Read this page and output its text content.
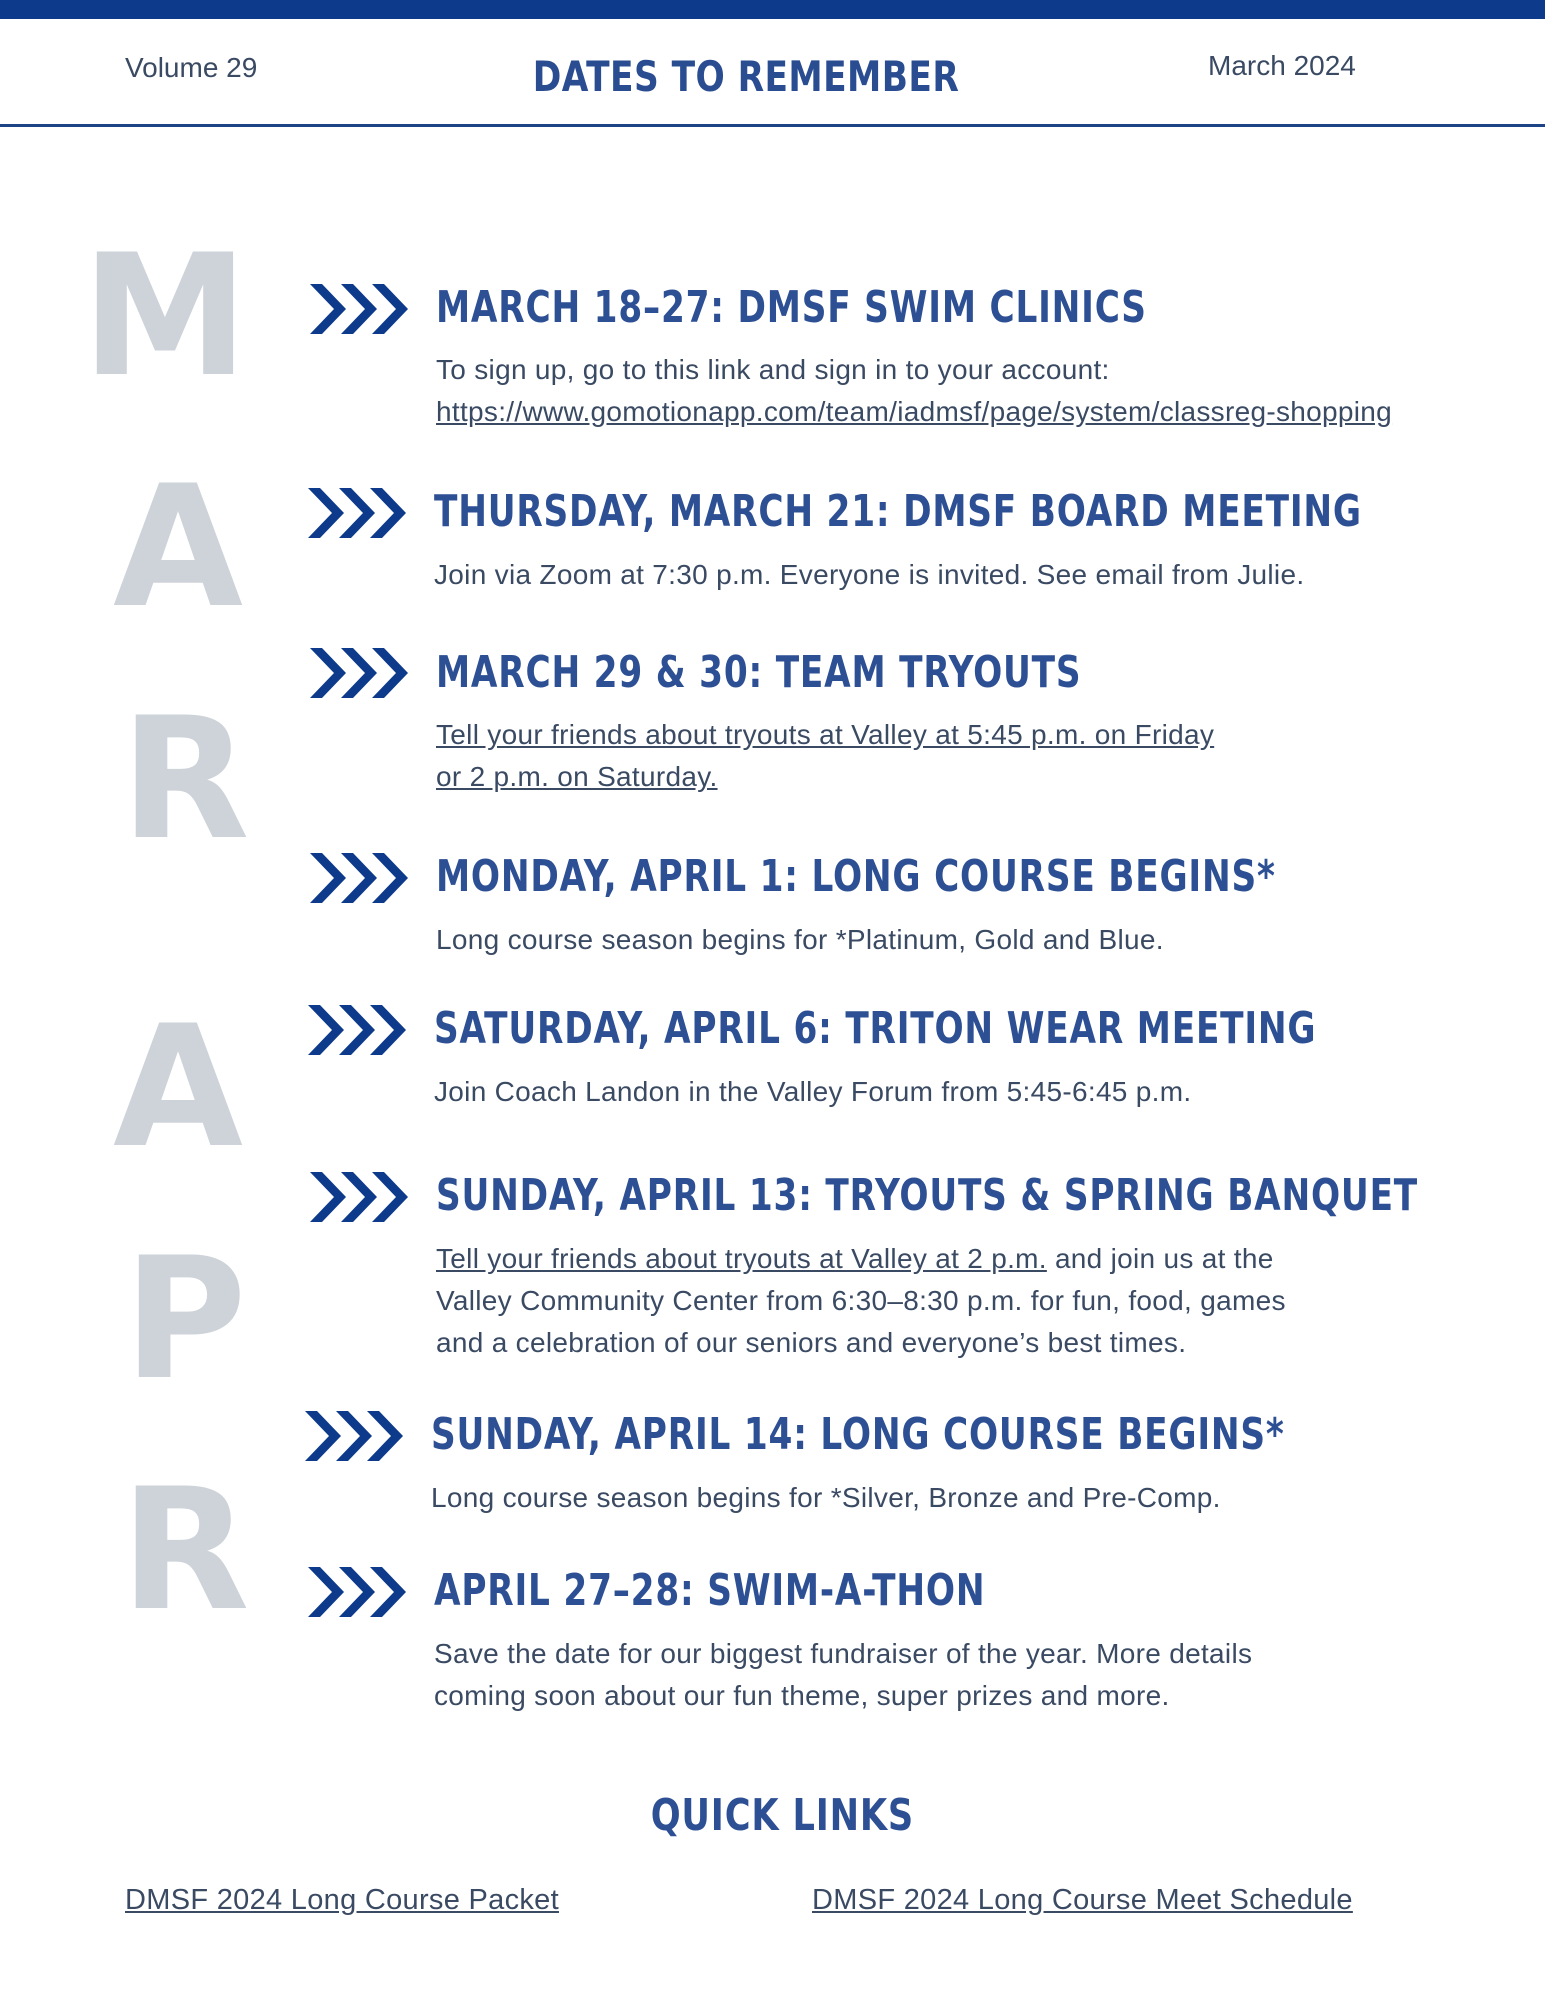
Volume 29	DATES TO REMEMBER	March 2024
M
A
R
A
P
R
MARCH 18–27: DMSF SWIM CLINICS
To sign up, go to this link and sign in to your account:
https://www.gomotionapp.com/team/iadmsf/page/system/classreg-shopping
THURSDAY, MARCH 21: DMSF BOARD MEETING
Join via Zoom at 7:30 p.m. Everyone is invited. See email from Julie.
MARCH 29 & 30: TEAM TRYOUTS
Tell your friends about tryouts at Valley at 5:45 p.m. on Friday
or 2 p.m. on Saturday.
MONDAY, APRIL 1: LONG COURSE BEGINS*
Long course season begins for *Platinum, Gold and Blue.
SATURDAY, APRIL 6: TRITON WEAR MEETING
Join Coach Landon in the Valley Forum from 5:45-6:45 p.m.
SUNDAY, APRIL 13: TRYOUTS & SPRING BANQUET
Tell your friends about tryouts at Valley at 2 p.m. and join us at the
Valley Community Center from 6:30–8:30 p.m. for fun, food, games
and a celebration of our seniors and everyone’s best times.
SUNDAY, APRIL 14: LONG COURSE BEGINS*
Long course season begins for *Silver, Bronze and Pre-Comp.
APRIL 27–28: SWIM-A-THON
Save the date for our biggest fundraiser of the year. More details
coming soon about our fun theme, super prizes and more.
QUICK LINKS
DMSF 2024 Long Course Packet	DMSF 2024 Long Course Meet Schedule
